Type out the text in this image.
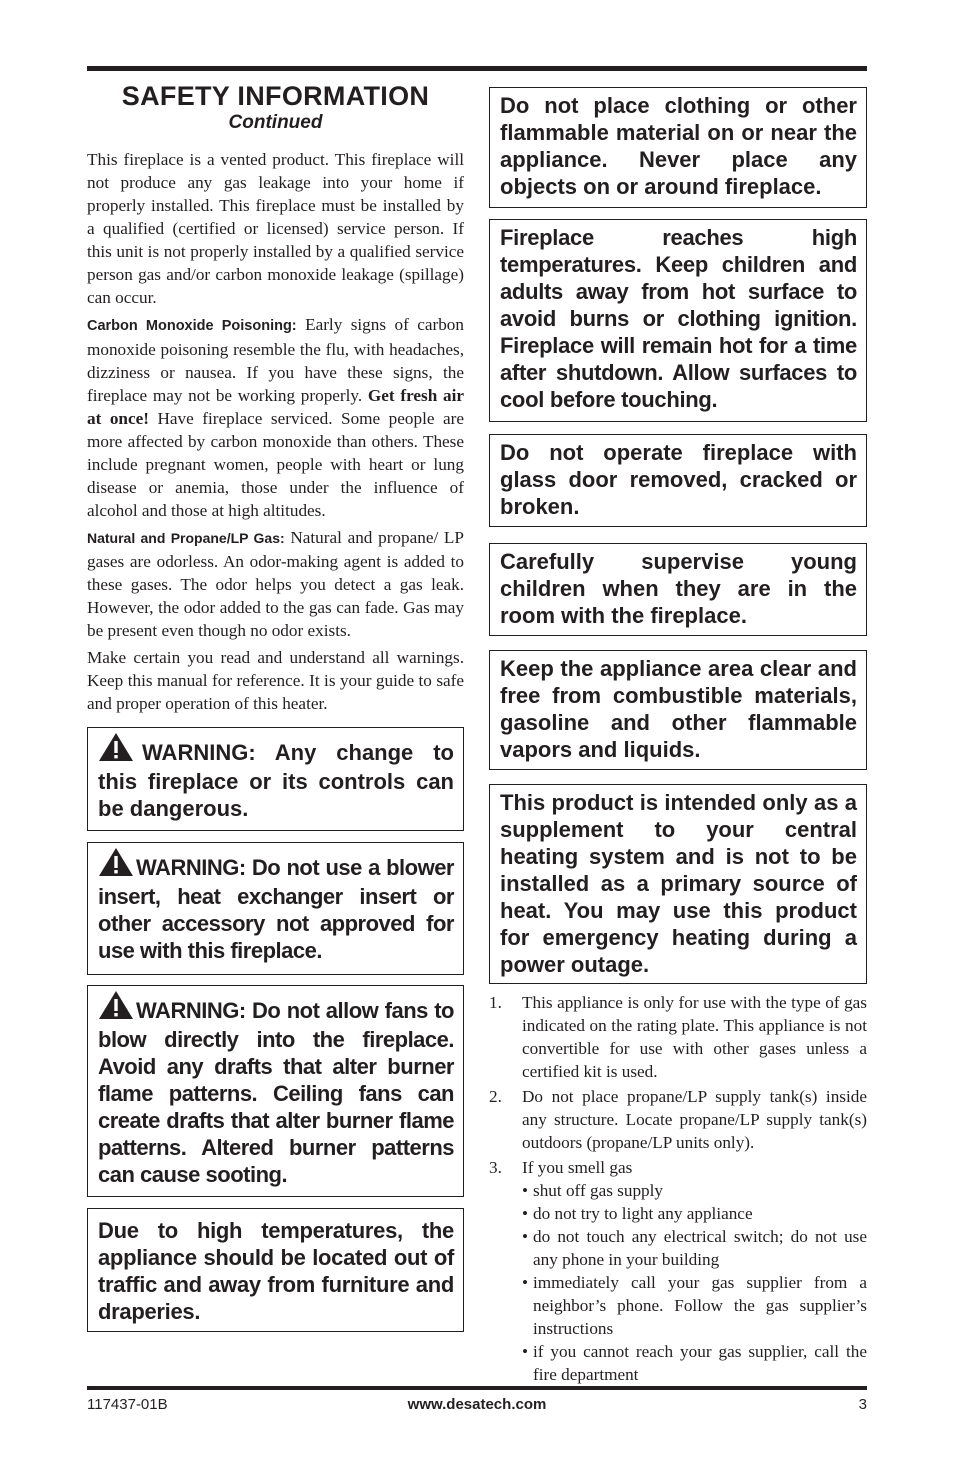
SAFETY INFORMATION
Continued

This fireplace is a vented product. This fireplace will not produce any gas leakage into your home if properly installed. This fireplace must be installed by a qualified (certified or licensed) service person. If this unit is not properly installed by a qualified service person gas and/or carbon monoxide leakage (spillage) can occur.

Carbon Monoxide Poisoning: Early signs of carbon monoxide poisoning resemble the flu, with headaches, dizziness or nausea. If you have these signs, the fireplace may not be working properly. Get fresh air at once! Have fireplace serviced. Some people are more affected by carbon monoxide than others. These include pregnant women, people with heart or lung disease or anemia, those under the influence of alcohol and those at high altitudes.

Natural and Propane/LP Gas: Natural and propane/ LP gases are odorless. An odor-making agent is added to these gases. The odor helps you detect a gas leak. However, the odor added to the gas can fade. Gas may be present even though no odor exists.

Make certain you read and understand all warnings. Keep this manual for reference. It is your guide to safe and proper operation of this heater.

WARNING: Any change to this fireplace or its controls can be dangerous.
WARNING: Do not use a blower insert, heat exchanger insert or other accessory not approved for use with this fireplace.
WARNING: Do not allow fans to blow directly into the fireplace. Avoid any drafts that alter burner flame patterns. Ceiling fans can create drafts that alter burner flame patterns. Altered burner patterns can cause sooting.
Due to high temperatures, the appliance should be located out of traffic and away from furniture and draperies.
Do not place clothing or other flammable material on or near the appliance. Never place any objects on or around fireplace.
Fireplace reaches high temperatures. Keep children and adults away from hot surface to avoid burns or clothing ignition. Fireplace will remain hot for a time after shutdown. Allow surfaces to cool before touching.
Do not operate fireplace with glass door removed, cracked or broken.
Carefully supervise young children when they are in the room with the fireplace.
Keep the appliance area clear and free from combustible materials, gasoline and other flammable vapors and liquids.
This product is intended only as a supplement to your central heating system and is not to be installed as a primary source of heat. You may use this product for emergency heating during a power outage.
1. This appliance is only for use with the type of gas indicated on the rating plate. This appliance is not convertible for use with other gases unless a certified kit is used.
2. Do not place propane/LP supply tank(s) inside any structure. Locate propane/LP supply tank(s) outdoors (propane/LP units only).
3. If you smell gas
• shut off gas supply
• do not try to light any appliance
• do not touch any electrical switch; do not use any phone in your building
• immediately call your gas supplier from a neighbor’s phone. Follow the gas supplier’s instructions
• if you cannot reach your gas supplier, call the fire department
117437-01B	www.desatech.com	3
